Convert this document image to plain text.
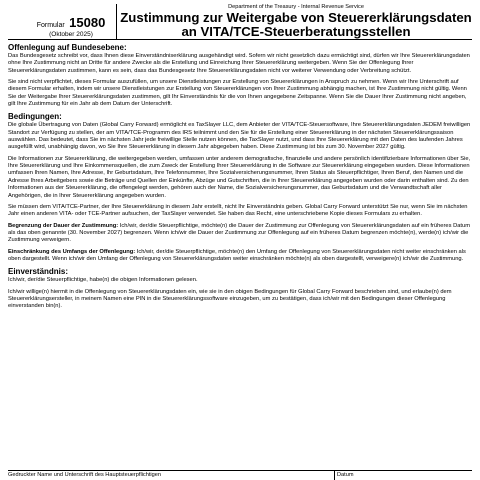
Formular 15080
(Oktober 2025)
Department of the Treasury - Internal Revenue Service
Zustimmung zur Weitergabe von Steuererklärungsdaten
an VITA/TCE-Steuerberatungsstellen
Offenlegung auf Bundesebene:

Das Bundesgesetz schreibt vor, dass Ihnen diese Einverständniserklärung ausgehändigt wird. Sofern wir nicht gesetzlich dazu ermächtigt sind, dürfen wir Ihre Steuererklärungsdaten ohne Ihre Zustimmung nicht an Dritte für andere Zwecke als die Erstellung und Einreichung Ihrer Steuererklärung weitergeben. Wenn Sie der Offenlegung Ihrer Steuererklärungsdaten zustimmen, kann es sein, dass das Bundesgesetz Ihre Steuererklärungsdaten nicht vor weiterer Verwendung oder Verbreitung schützt.

Sie sind nicht verpflichtet, dieses Formular auszufüllen, um unsere Dienstleistungen zur Erstellung von Steuererklärungen in Anspruch zu nehmen. Wenn wir Ihre Unterschrift auf diesem Formular erhalten, indem wir unsere Dienstleistungen zur Erstellung von Steuererklärungen von Ihrer Zustimmung abhängig machen, ist Ihre Zustimmung nicht gültig. Wenn Sie der Weitergabe Ihrer Steuererklärungsdaten zustimmen, gilt Ihr Einverständnis für die von Ihnen angegebene Zeitspanne. Wenn Sie die Dauer Ihrer Zustimmung nicht angeben, gilt Ihre Zustimmung für ein Jahr ab dem Datum der Unterschrift.

Bedingungen:

Die globale Übertragung von Daten (Global Carry Forward) ermöglicht es TaxSlayer LLC, dem Anbieter der VITA/TCE-Steuersoftware, Ihre Steuererklärungsdaten JEDEM freiwilligen Standort zur Verfügung zu stellen, der am VITA/TCE-Programm des IRS teilnimmt und den Sie für die Erstellung einer Steuererklärung in der nächsten Steuererklärungssaison auswählen. Das bedeutet, dass Sie im nächsten Jahr jede freiwillige Stelle nutzen können, die TaxSlayer nutzt, und dass Ihre Steuererklärung mit den Daten des laufenden Jahres ausgefüllt wird, unabhängig davon, wo Sie Ihre Steuererklärung in diesem Jahr abgegeben haben. Diese Zustimmung ist bis zum 30. November 2027 gültig.

Die Informationen zur Steuererklärung, die weitergegeben werden, umfassen unter anderem demografische, finanzielle und andere persönlich identifizierbare Informationen über Sie, Ihre Steuererklärung und Ihre Einkommensquellen, die zum Zweck der Erstellung Ihrer Steuererklärung in die Software zur Steuererklärung eingegeben wurden. Diese Informationen umfassen Ihren Namen, Ihre Adresse, Ihr Geburtsdatum, Ihre Telefonnummer, Ihre Sozialversicherungsnummer, Ihren Status als Steuerpflichtiger, Ihren Beruf, den Namen und die Adresse Ihres Arbeitgebers sowie die Beträge und Quellen der Einkünfte, Abzüge und Gutschriften, die in Ihrer Steuererklärung angegeben wurden oder darin enthalten sind. Zu den Informationen aus der Steuererklärung, die offengelegt werden, gehören auch der Name, die Sozialversicherungsnummer, das Geburtsdatum und die Verwandtschaft aller Angehörigen, die in Ihrer Steuererklärung angegeben wurden.

Sie müssen dem VITA/TCE-Partner, der Ihre Steuererklärung in diesem Jahr erstellt, nicht Ihr Einverständnis geben. Global Carry Forward unterstützt Sie nur, wenn Sie im nächsten Jahr einen anderen VITA- oder TCE-Partner aufsuchen, der TaxSlayer verwendet. Sie haben das Recht, eine unterschriebene Kopie dieses Formulars zu erhalten.

Begrenzung der Dauer der Zustimmung: Ich/wir, der/die Steuerpflichtige, möchte(n) die Dauer der Zustimmung zur Offenlegung von Steuererklärungsdaten auf ein früheres Datum als das oben genannte (30. November 2027) begrenzen. Wenn ich/wir die Dauer der Zustimmung zur Offenlegung auf ein früheres Datum begrenzen möchte(n), werde(n) ich/wir die Zustimmung verweigern.

Einschränkung des Umfangs der Offenlegung: Ich/wir, der/die Steuerpflichtige, möchte(n) den Umfang der Offenlegung von Steuererklärungsdaten nicht weiter einschränken als oben dargestellt. Wenn ich/wir den Umfang der Offenlegung von Steuererklärungsdaten weiter einschränken möchte(n) als oben dargestellt, verweigere(n) ich/wir die Zustimmung.

Einverständnis:

Ich/wir, der/die Steuerpflichtige, habe(n) die obigen Informationen gelesen.

Ich/wir willige(n) hiermit in die Offenlegung von Steuererklärungsdaten ein, wie sie in den obigen Bedingungen für Global Carry Forward beschrieben sind, und erlaube(n) dem Steuererklärungsersteller, in meinem Namen eine PIN in die Steuererklärungssoftware einzugeben, um zu bestätigen, dass ich/wir mit den Bedingungen dieser Offenlegung einverstanden bin(n).

Gedruckter Name und Unterschrift des Hauptsteuerpflichtigen	Datum
